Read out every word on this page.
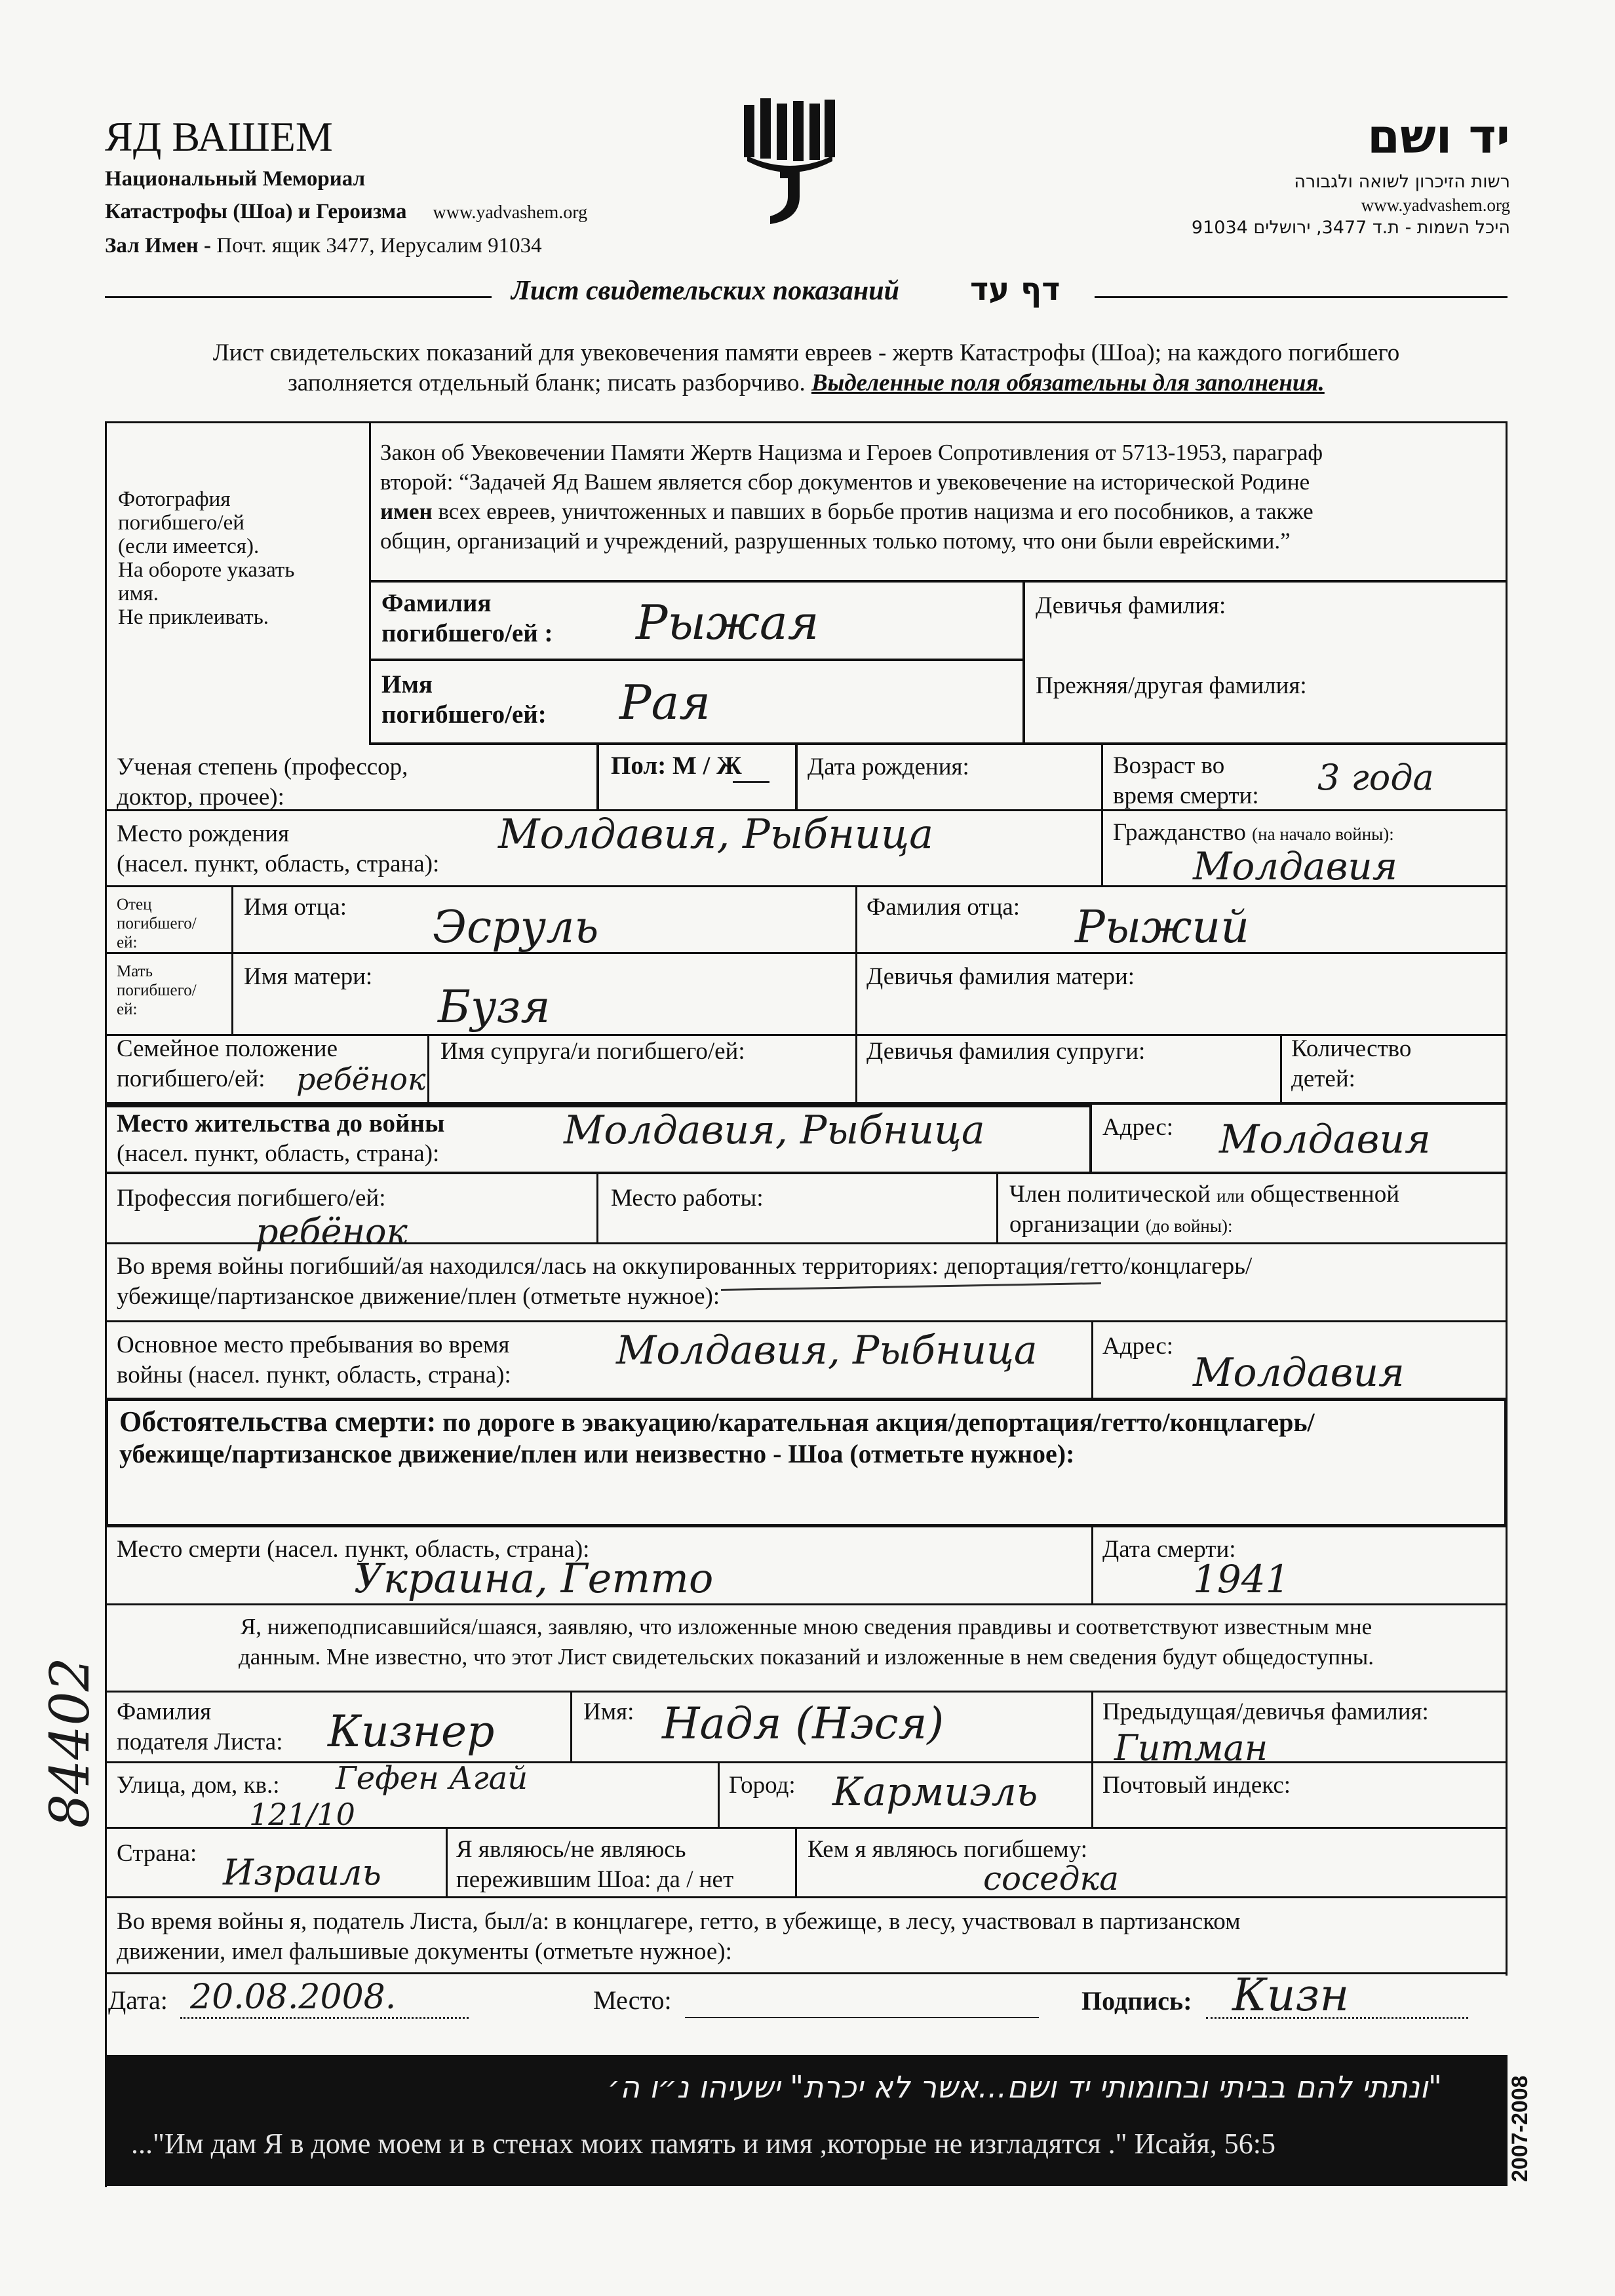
ЯД ВАШЕМ
Национальный Мемориал
Катастрофы (Шоа) и Героизма www.yadvashem.org
Зал Имен - Почт. ящик 3477, Иерусалим 91034
יד ושם
רשות הזיכרון לשואה ולגבורה
www.yadvashem.org
היכל השמות - ת.ד 3477, ירושלים 91034
Лист свидетельских показаний דף עד
Лист свидетельских показаний для увековечения памяти евреев - жертв Катастрофы (Шоа); на каждого погибшего
заполняется отдельный бланк; писать разборчиво. Выделенные поля обязательны для заполнения.
Фотография
погибшего/ей
(если имеется).
На обороте указать
имя.
Не приклеивать.
Закон об Увековечении Памяти Жертв Нацизма и Героев Сопротивления от 5713-1953, параграф
второй: “Задачей Яд Вашем является сбор документов и увековечение на исторической Родине
имен всех евреев, уничтоженных и павших в борьбе против нацизма и его пособников, а также
общин, организаций и учреждений, разрушенных только потому, что они были еврейскими.”
Фамилия
погибшего/ей : Рыжая	Девичья фамилия:
Имя
погибшего/ей: Рая	Прежняя/другая фамилия:
Ученая степень (профессор,
доктор, прочее):
Пол: М / Ж	Дата рождения:	Возраст во
время смерти: 3 года
Место рождения
(насел. пункт, область, страна):
Молдавия, Рыбница	Гражданство (на начало войны):
Молдавия
Отец
погибшего/
ей:
Имя отца: Эсруль	Фамилия отца: Рыжий
Мать
погибшего/
ей:
Имя матери:
Бузя
Девичья фамилия матери:
Семейное положение
погибшего/ей:	ребёнок
Имя супруга/и погибшего/ей:	Девичья фамилия супруги:	Количество
детей:
Место жительства до войны
(насел. пункт, область, страна):
Молдавия, Рыбница	Адрес: Молдавия
Профессия погибшего/ей:
ребёнок
Место работы:	Член политической или общественной
организации (до войны):
Во время войны погибший/ая находился/лась на оккупированных территориях: депортация/гетто/концлагерь/
убежище/партизанское движение/плен (отметьте нужное):
Основное место пребывания во время
войны (насел. пункт, область, страна):
Молдавия, Рыбница	Адрес:
Молдавия
Обстоятельства смерти: по дороге в эвакуацию/карательная акция/депортация/гетто/концлагерь/
убежище/партизанское движение/плен или неизвестно - Шоа (отметьте нужное):
Место смерти (насел. пункт, область, страна):
Украина, Гетто
Дата смерти:
1941
Я, нижеподписавшийся/шаяся, заявляю, что изложенные мною сведения правдивы и соответствуют известным мне
данным. Мне известно, что этот Лист свидетельских показаний и изложенные в нем сведения будут общедоступны.
Фамилия
подателя Листа: Кизнер	Имя: Надя (Нэся)	Предыдущая/девичья фамилия:
Гитман
Улица, дом, кв.: Гефен Агай
121/10
Город: Кармиэль	Почтовый индекс:
Страна: Израиль
Я являюсь/не являюсь
пережившим Шоа: да / нет
Кем я являюсь погибшему:
соседка
Во время войны я, податель Листа, был/а: в концлагере, гетто, в убежище, в лесу, участвовал в партизанском
движении, имел фальшивые документы (отметьте нужное):
Дата: 20.08.2008.	Место:	Подпись: Кизн
"ונתתי להם בביתי ובחומותי יד ושם...אשר לא יכרת" ישעיהו נ״ו ה׳
..."Им дам Я в доме моем и в стенах моих память и имя ,которые не изгладятся ." Исайя, 56:5	2007-2008
84402
